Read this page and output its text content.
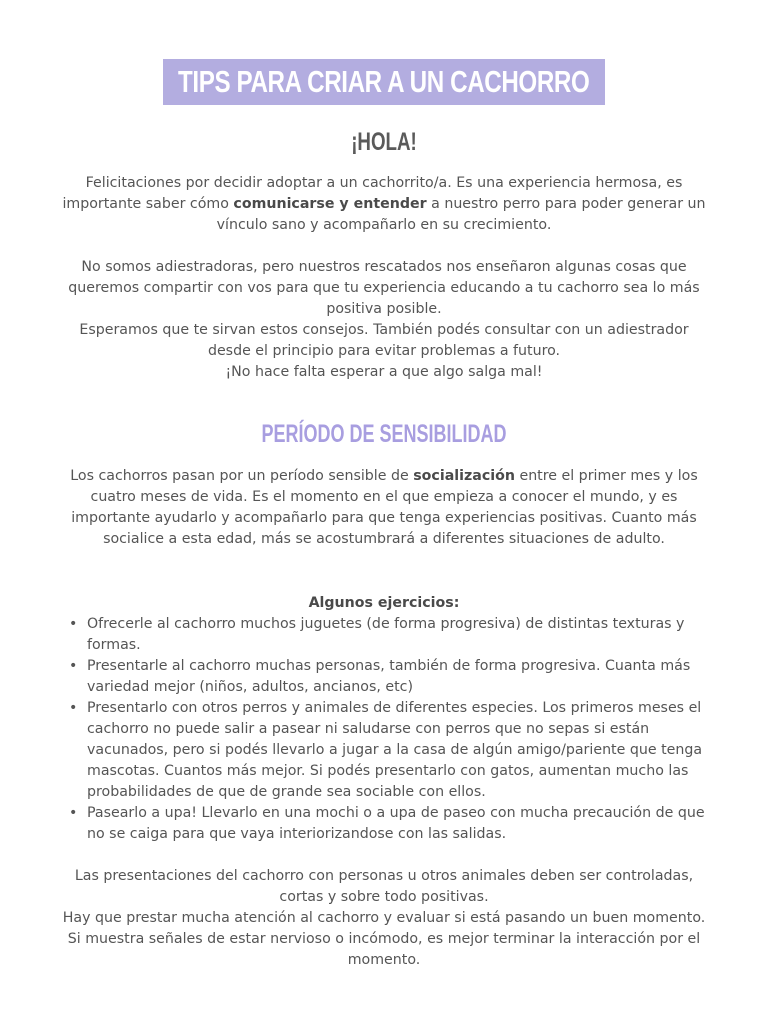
TIPS PARA CRIAR A UN CACHORRO
¡HOLA!

Felicitaciones por decidir adoptar a un cachorrito/a. Es una experiencia hermosa, es importante saber cómo comunicarse y entender a nuestro perro para poder generar un vínculo sano y acompañarlo en su crecimiento.

No somos adiestradoras, pero nuestros rescatados nos enseñaron algunas cosas que queremos compartir con vos para que tu experiencia educando a tu cachorro sea lo más positiva posible.
Esperamos que te sirvan estos consejos. También podés consultar con un adiestrador desde el principio para evitar problemas a futuro.
¡No hace falta esperar a que algo salga mal!

PERÍODO DE SENSIBILIDAD

Los cachorros pasan por un período sensible de socialización entre el primer mes y los cuatro meses de vida. Es el momento en el que empieza a conocer el mundo, y es importante ayudarlo y acompañarlo para que tenga experiencias positivas. Cuanto más socialice a esta edad, más se acostumbrará a diferentes situaciones de adulto.

Algunos ejercicios:

• Ofrecerle al cachorro muchos juguetes (de forma progresiva) de distintas texturas y formas.
• Presentarle al cachorro muchas personas, también de forma progresiva. Cuanta más variedad mejor (niños, adultos, ancianos, etc)
• Presentarlo con otros perros y animales de diferentes especies. Los primeros meses el cachorro no puede salir a pasear ni saludarse con perros que no sepas si están vacunados, pero si podés llevarlo a jugar a la casa de algún amigo/pariente que tenga mascotas. Cuantos más mejor. Si podés presentarlo con gatos, aumentan mucho las probabilidades de que de grande sea sociable con ellos.
• Pasearlo a upa! Llevarlo en una mochi o a upa de paseo con mucha precaución de que no se caiga para que vaya interiorizandose con las salidas.

Las presentaciones del cachorro con personas u otros animales deben ser controladas, cortas y sobre todo positivas.
Hay que prestar mucha atención al cachorro y evaluar si está pasando un buen momento. Si muestra señales de estar nervioso o incómodo, es mejor terminar la interacción por el momento.
